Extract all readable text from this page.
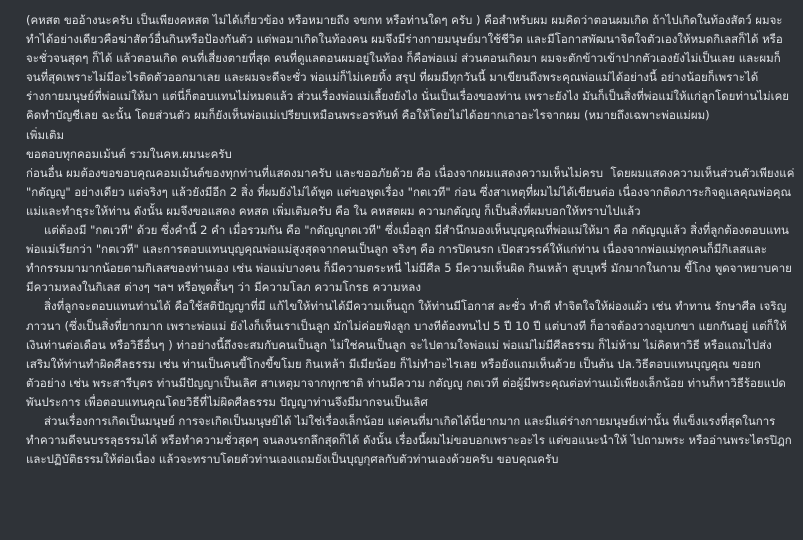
(คหสต ขออ้างนะครับ เป็นเพียงคหสต ไม่ได้เกี่ยวข้อง หรือหมายถึง จขกท หรือท่านใดๆ ครับ ) คือสำหรับผม ผมคิดว่าตอนผมเกิด ถ้าไปเกิดในท้องสัตว์ ผมจะทำได้อย่างเดียวคือฆ่าสัตว์อื่นกินหรือป้องกันตัว แต่พอมาเกิดในท้องคน ผมจึงมีร่างกายมนุษย์มาใช้ชีวิต และมีโอกาสพัฒนาจิตใจตัวเองให้หมดกิเลสก็ได้ หรือจะชั่วจนสุดๆ ก็ได้ แล้วตอนเกิด คนที่เสี่ยงตายที่สุด คนที่ดูแลตอนผมอยู่ในท้อง ก็คือพ่อแม่ ส่วนตอนเกิดมา ผมจะตักข้าวเข้าปากตัวเองยังไม่เป็นเลย และผมก็จนที่สุดเพราะไม่มีอะไรติดตัวออกมาเลย และผมจะดีจะชั่ว พ่อแม่ก็ไม่เคยทิ้ง สรุป ที่ผมมีทุกวันนี้ มาเขียนถึงพระคุณพ่อแม่ได้อย่างนี้ อย่างน้อยก็เพราะได้ร่างกายมนุษย์ที่พ่อแม่ให้มา แต่นี่ก็ตอบแทนไม่หมดแล้ว ส่วนเรื่องพ่อแม่เลี้ยงยังไง นั่นเป็นเรื่องของท่าน เพราะยังไง มันก็เป็นสิ่งที่พ่อแม่ให้แก่ลูกโดยท่านไม่เคยคิดทำบัญชีเลย ฉะนั้น โดยส่วนตัว ผมก็ยังเห็นพ่อแม่เปรียบเหมือนพระอรหันท์ คือให้โดยไม่ได้อยากเอาอะไรจากผม (หมายถึงเฉพาะพ่อแม่ผม)

เพิ่มเติม

ขอตอบทุกคอมเม้นต์ รวมในคห.ผมนะครับ

ก่อนอื่น ผมต้องขอขอบคุณคอมเม้นต์ของทุกท่านที่แสดงมาครับ และขออภัยด้วย คือ เนื่องจากผมแสดงความเห็นไม่ครบ  โดยผมแสดงความเห็นส่วนตัวเพียงแค่ "กตัญญู" อย่างเดียว แต่จริงๆ แล้วยังมีอีก 2 สิ่ง ที่ผมยังไม่ได้พูด แต่ขอพูดเรื่อง "กตเวที" ก่อน ซึ่งสาเหตุที่ผมไม่ได้เขียนต่อ เนื่องจากติดภาระกิจดูแลคุณพ่อคุณแม่และทำธุระให้ท่าน ดังนั้น ผมจึงขอแสดง คหสต เพิ่มเติมครับ คือ ใน คหสตผม ความกตัญญู ก็เป็นสิ่งที่ผมบอกให้ทราบไปแล้ว

แต่ต้องมี "กตเวที" ด้วย ซึ่งคำนี้ 2 คำ เมื่อรวมกัน คือ "กตัญญูกตเวที" ซึ่งเมื่อลูก มีสำนึกมองเห็นบุญคุณที่พ่อแม่ให้มา คือ กตัญญูแล้ว สิ่งที่ลูกต้องตอบแทนพ่อแม่เรียกว่า "กตเวที" และการตอบแทนบุญคุณพ่อแม่สูงสุดจากคนเป็นลูก จริงๆ คือ การปิดนรก เปิดสวรรค์ให้แก่ท่าน เนื่องจากพ่อแม่ทุกคนก็มีกิเลสและทำกรรมมามากน้อยตามกิเลสของท่านเอง เช่น พ่อแม่บางคน ก็มีความตระหนี่ ไม่มีศีล 5 มีความเห็นผิด กินเหล้า สูบบุหรี่ มักมากในกาม ขี้โกง พูดจาหยาบคาย มีความหลงในกิเลส ต่างๆ ฯลฯ หรือพูดสั้นๆ ว่า มีความโลภ ความโกรธ ความหลง

สิ่งที่ลูกจะตอบแทนท่านได้ คือใช้สติปัญญาที่มี แก้ไขให้ท่านได้มีความเห็นถูก ให้ท่านมีโอกาส ละชั่ว ทำดี ทำจิตใจให้ผ่องแผ้ว เช่น ทำทาน รักษาศีล เจริญภาวนา (ซึ่งเป็นสิ่งที่ยากมาก เพราะพ่อแม่ ยังไงก็เห็นเราเป็นลูก มักไม่ค่อยฟังลูก บางทีต้องทนไป 5 ปี 10 ปี แต่บางที ก็อาจต้องวางอุเบกขา แยกกันอยู่ แต่ก็ให้เงินท่านต่อเดือน หรือวิธีอื่นๆ ) ท่าอย่างนี้ถึงจะสมกับคนเป็นลูก ไม่ใช่คนเป็นลูก จะไปตามใจพ่อแม่ พ่อแม่ไม่มีศีลธรรม ก็ไม่ห้าม ไม่คิดหาวิธี หรือแถมไปส่งเสริมให้ท่านทำผิดศีลธรรม เช่น ท่านเป็นคนขี้โกงขี้ขโมย กินเหล้า มีเมียน้อย ก็ไม่ทำอะไรเลย หรือยังแถมเห็นด้วย เป็นต้น ปล.วิธีตอบแทนบุญคุณ ขอยกตัวอย่าง เช่น พระสารีบุตร ท่านมีปัญญาเป็นเลิศ สาเหตุมาจากทุกชาติ ท่านมีความ กตัญญู กตเวที ต่อผู้มีพระคุณต่อท่านแม้เพียงเล็กน้อย ท่านก็หาวิธีร้อยแปดพันประการ เพื่อตอบแทนคุณโดยวิธีที่ไม่ผิดศีลธรรม ปัญญาท่านจึงมีมากจนเป็นเลิศ

ส่วนเรื่องการเกิดเป็นมนุษย์ การจะเกิดเป็นมนุษย์ได้ ไม่ใช่เรื่องเล็กน้อย แต่คนที่มาเกิดได้นี่ยากมาก และมีแต่ร่างกายมนุษย์เท่านั้น ที่แข็งแรงที่สุดในการทำความดีจนบรรลุธรรมได้ หรือทำความชั่วสุดๆ จนลงนรกลึกสุดก็ได้ ดังนั้น เรื่องนี้ผมไม่ขอบอกเพราะอะไร แต่ขอแนะนำให้ ไปถามพระ หรืออ่านพระไตรปิฎกและปฏิบัติธรรมให้ต่อเนื่อง แล้วจะทราบโดยตัวท่านเองแถมยังเป็นบุญกุศลกับตัวท่านเองด้วยครับ ขอบคุณครับ
